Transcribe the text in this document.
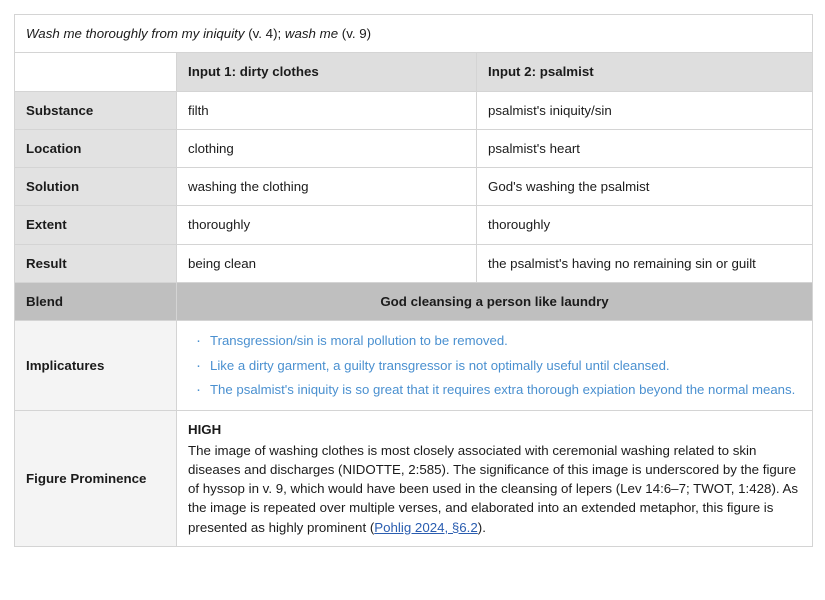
Wash me thoroughly from my iniquity (v. 4); wash me (v. 9)		
	Input 1: dirty clothes	Input 2: psalmist
Substance	filth	psalmist's iniquity/sin
Location	clothing	psalmist's heart
Solution	washing the clothing	God's washing the psalmist
Extent	thoroughly	thoroughly
Result	being clean	the psalmist's having no remaining sin or guilt
Blend	God cleansing a person like laundry	
Implicatures	
· Transgression/sin is moral pollution to be removed.
· Like a dirty garment, a guilty transgressor is not optimally useful until cleansed.
· The psalmist's iniquity is so great that it requires extra thorough expiation beyond the normal means.

Figure Prominence	HIGH
The image of washing clothes is most closely associated with ceremonial washing related to skin diseases and discharges (NIDOTTE, 2:585). The significance of this image is underscored by the figure of hyssop in v. 9, which would have been used in the cleansing of lepers (Lev 14:6–7; TWOT, 1:428). As the image is repeated over multiple verses, and elaborated into an extended metaphor, this figure is presented as highly prominent (Pohlig 2024, §6.2).	
